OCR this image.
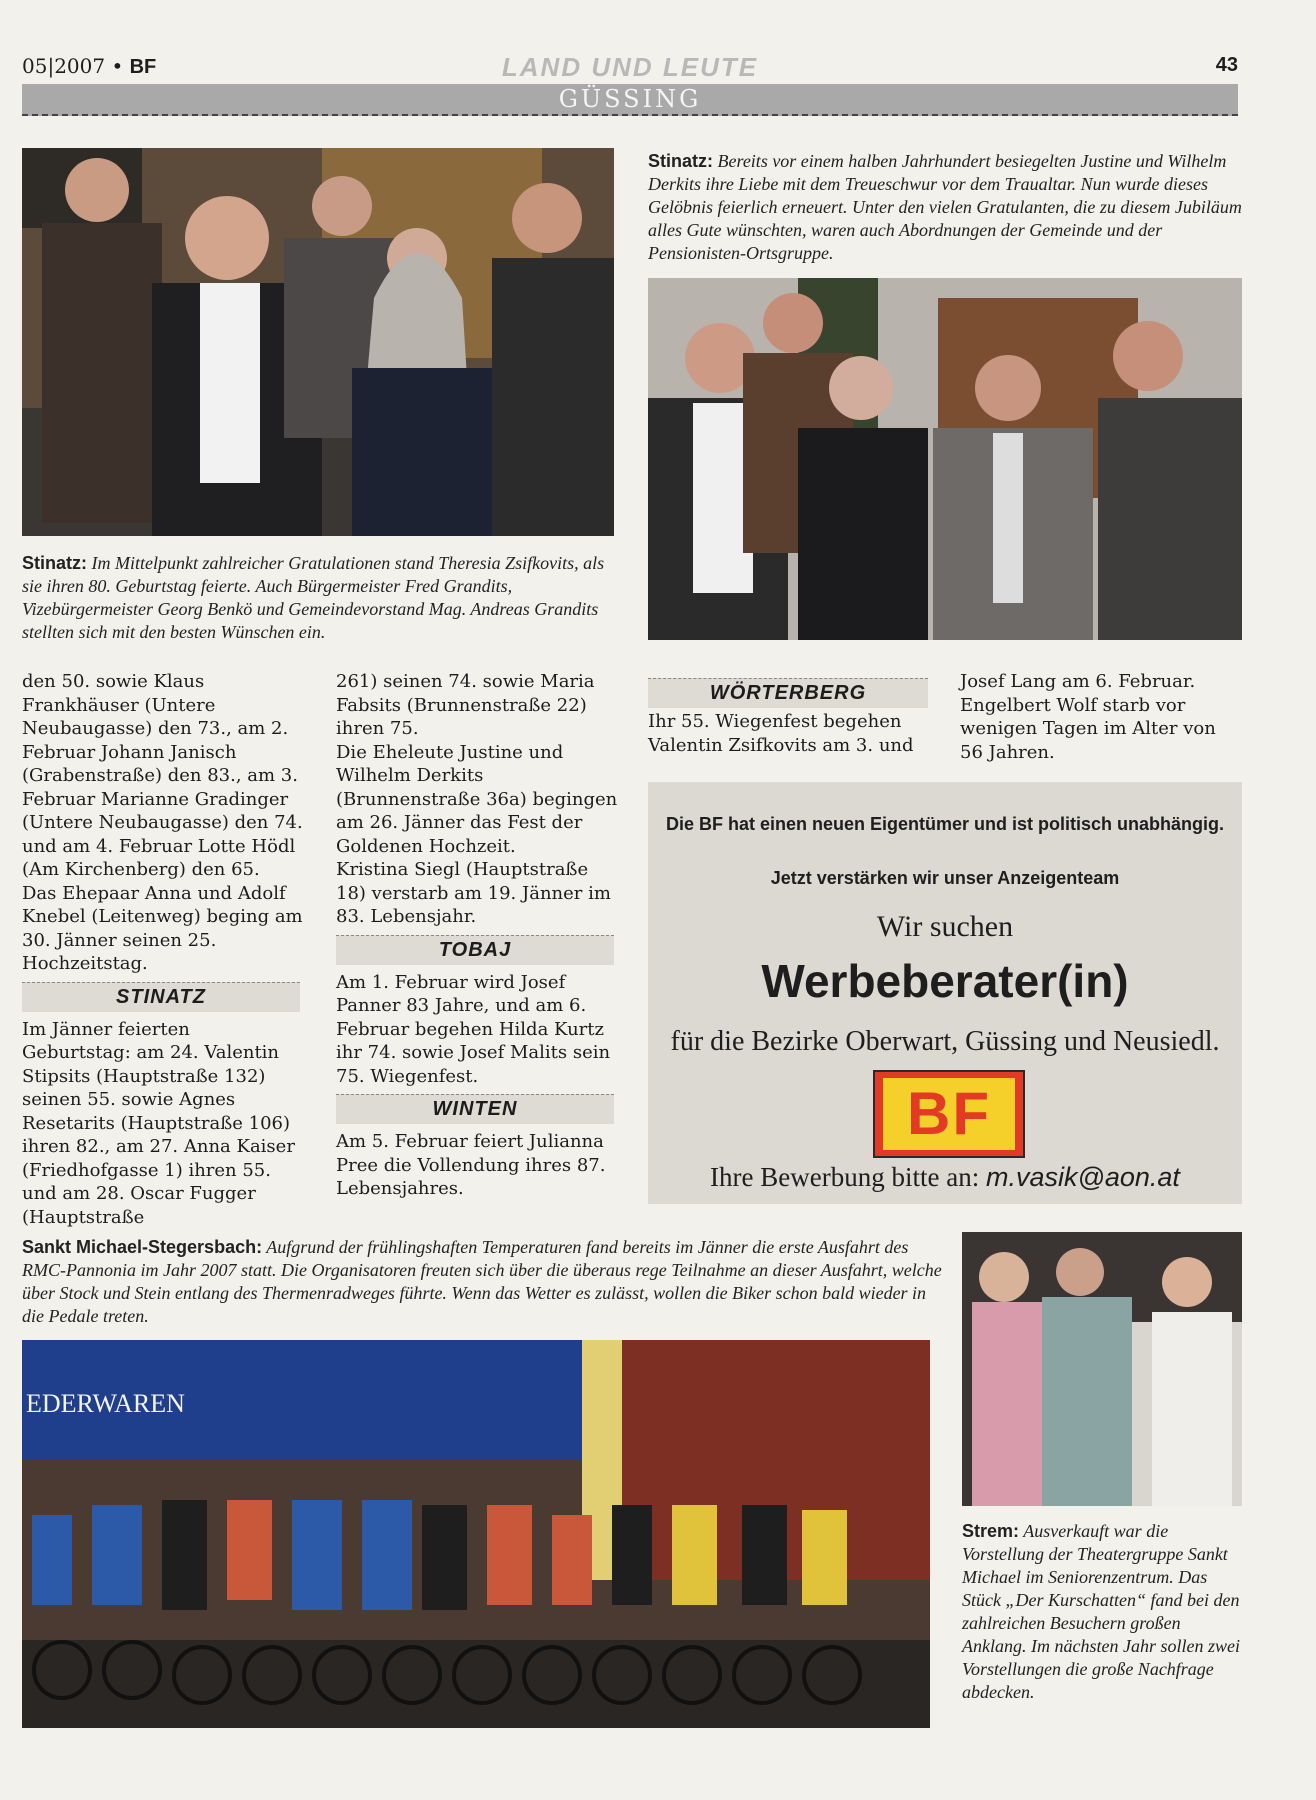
05|2007 • BF	LAND UND LEUTE	43
GÜSSING
Stinatz: Im Mittelpunkt zahlreicher Gratulationen stand Theresia Zsifkovits, als sie ihren 80. Geburtstag feierte. Auch Bürgermeister Fred Grandits, Vizebürgermeister Georg Benkö und Gemeindevorstand Mag. Andreas Grandits stellten sich mit den besten Wünschen ein.
Stinatz: Bereits vor einem halben Jahrhundert besiegelten Justine und Wilhelm Derkits ihre Liebe mit dem Treueschwur vor dem Traualtar. Nun wurde dieses Gelöbnis feierlich erneuert. Unter den vielen Gratulanten, die zu diesem Jubiläum alles Gute wünschten, waren auch Abordnungen der Gemeinde und der Pensionisten-Ortsgruppe.

den 50. sowie Klaus Frankhäuser (Untere Neubaugasse) den 73., am 2. Februar Johann Janisch (Grabenstraße) den 83., am 3. Februar Marianne Gradinger (Untere Neubaugasse) den 74. und am 4. Februar Lotte Hödl (Am Kirchenberg) den 65.

Das Ehepaar Anna und Adolf Knebel (Leitenweg) beging am 30. Jänner seinen 25. Hochzeitstag.

STINATZ

Im Jänner feierten Geburtstag: am 24. Valentin Stipsits (Hauptstraße 132) seinen 55. sowie Agnes Resetarits (Hauptstraße 106) ihren 82., am 27. Anna Kaiser (Friedhofgasse 1) ihren 55. und am 28. Oscar Fugger (Hauptstraße

261) seinen 74. sowie Maria Fabsits (Brunnenstraße 22) ihren 75.

Die Eheleute Justine und Wilhelm Derkits (Brunnenstraße 36a) begingen am 26. Jänner das Fest der Goldenen Hochzeit.

Kristina Siegl (Hauptstraße 18) verstarb am 19. Jänner im 83. Lebensjahr.

TOBAJ

Am 1. Februar wird Josef Panner 83 Jahre, und am 6. Februar begehen Hilda Kurtz ihr 74. sowie Josef Malits sein 75. Wiegenfest.

WINTEN

Am 5. Februar feiert Julianna Pree die Vollendung ihres 87. Lebensjahres.

WÖRTERBERG

Ihr 55. Wiegenfest begehen Valentin Zsifkovits am 3. und

Josef Lang am 6. Februar. Engelbert Wolf starb vor wenigen Tagen im Alter von 56 Jahren.

Die BF hat einen neuen Eigentümer und ist politisch unabhängig.
Jetzt verstärken wir unser Anzeigenteam
Wir suchen
Werbeberater(in)
für die Bezirke Oberwart, Güssing und Neusiedl.
BF
Ihre Bewerbung bitte an: m.vasik@aon.at
Sankt Michael-Stegersbach: Aufgrund der frühlingshaften Temperaturen fand bereits im Jänner die erste Ausfahrt des RMC-Pannonia im Jahr 2007 statt. Die Organisatoren freuten sich über die überaus rege Teilnahme an dieser Ausfahrt, welche über Stock und Stein entlang des Thermenradweges führte. Wenn das Wetter es zulässt, wollen die Biker schon bald wieder in die Pedale treten.
EDERWAREN
Strem: Ausverkauft war die Vorstellung der Theatergruppe Sankt Michael im Seniorenzentrum. Das Stück „Der Kurschatten“ fand bei den zahlreichen Besuchern großen Anklang. Im nächsten Jahr sollen zwei Vorstellungen die große Nachfrage abdecken.
